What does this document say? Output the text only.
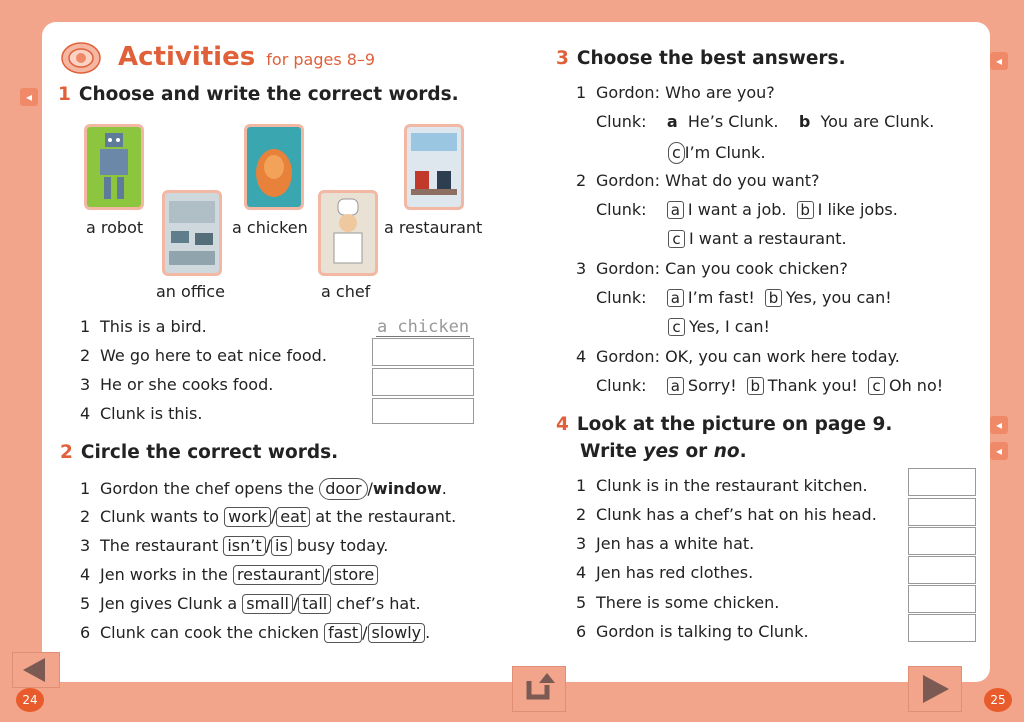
Activities for pages 8–9
1 Choose and write the correct words.
a robot	a chicken	a restaurant
an office	a chef
1 This is a bird.	a chicken
2 We go here to eat nice food.
3 He or she cooks food.
4 Clunk is this.
2 Circle the correct words.
1 Gordon the chef opens the door /window.
2 Clunk wants to work / eat at the restaurant.
3 The restaurant isn’t / is busy today.
4 Jen works in the restaurant / store
5 Jen gives Clunk a small / tall chef’s hat.
6 Clunk can cook the chicken fast / slowly .
3 Choose the best answers.
1 Gordon: Who are you?
Clunk: a He’s Clunk. b You are Clunk.
c I’m Clunk.
2 Gordon: What do you want?
Clunk: a I want a job. b I like jobs.
c I want a restaurant.
3 Gordon: Can you cook chicken?
Clunk: a I’m fast! b Yes, you can!
c Yes, I can!
4 Gordon: OK, you can work here today.
Clunk: a Sorry! b Thank you! c Oh no!
4 Look at the picture on page 9.
Write yes or no.
1 Clunk is in the restaurant kitchen.
2 Clunk has a chef’s hat on his head.
3 Jen has a white hat.
4 Jen has red clothes.
5 There is some chicken.
6 Gordon is talking to Clunk.
◂
◂
◂
◂
24	25
